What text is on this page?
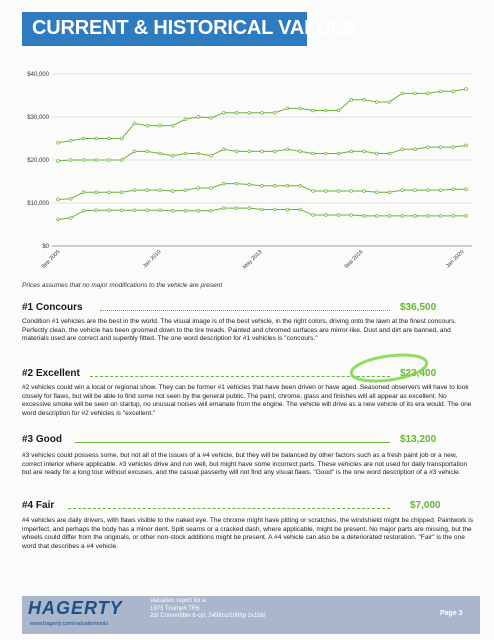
CURRENT & HISTORICAL VALUES
$0
$10,000
$20,000
$30,000
$40,000
Sep 2005	Jan 2010	May 2013	Sep 2016	Jan 2020
Prices assumes that no major modifications to the vehicle are present
#1 Concours	$36,500
Condition #1 vehicles are the best in the world. The visual image is of the best vehicle, in the right colors, driving onto the lawn at the finest concours. Perfectly clean, the vehicle has been groomed down to the tire treads. Painted and chromed surfaces are mirror-like. Dust and dirt are banned, and materials used are correct and superbly fitted. The one word description for #1 vehicles is "concours."
#2 Excellent	$23,400
#2 vehicles could win a local or regional show. They can be former #1 vehicles that have been driven or have aged. Seasoned observers will have to look closely for flaws, but will be able to find some not seen by the general public. The paint, chrome, glass and finishes will all appear as excellent. No excessive smoke will be seen on startup, no unusual noises will emanate from the engine. The vehicle will drive as a new vehicle of its era would. The one word description for #2 vehicles is "excellent."
#3 Good	$13,200
#3 vehicles could possess some, but not all of the issues of a #4 vehicle, but they will be balanced by other factors such as a fresh paint job or a new, correct interior where applicable. #3 vehicles drive and run well, but might have some incorrect parts. These vehicles are not used for daily transportation but are ready for a long tour without excuses, and the casual passerby will not find any visual flaws. "Good" is the one word description of a #3 vehicle.
#4 Fair	$7,000
#4 vehicles are daily drivers, with flaws visible to the naked eye. The chrome might have pitting or scratches, the windshield might be chipped. Paintwork is imperfect, and perhaps the body has a minor dent. Split seams or a cracked dash, where applicable, might be present. No major parts are missing, but the wheels could differ from the originals, or other non-stock additions might be present. A #4 vehicle can also be a deteriorated restoration. "Fair" is the one word that describes a #4 vehicle.
HAGERTY
www.hagerty.com/valuationtools
Valuation report for a:
1973 Triumph TR6
2dr Convertible 6-cyl. 2498cc/106hp 2x1bbl	Page 3
